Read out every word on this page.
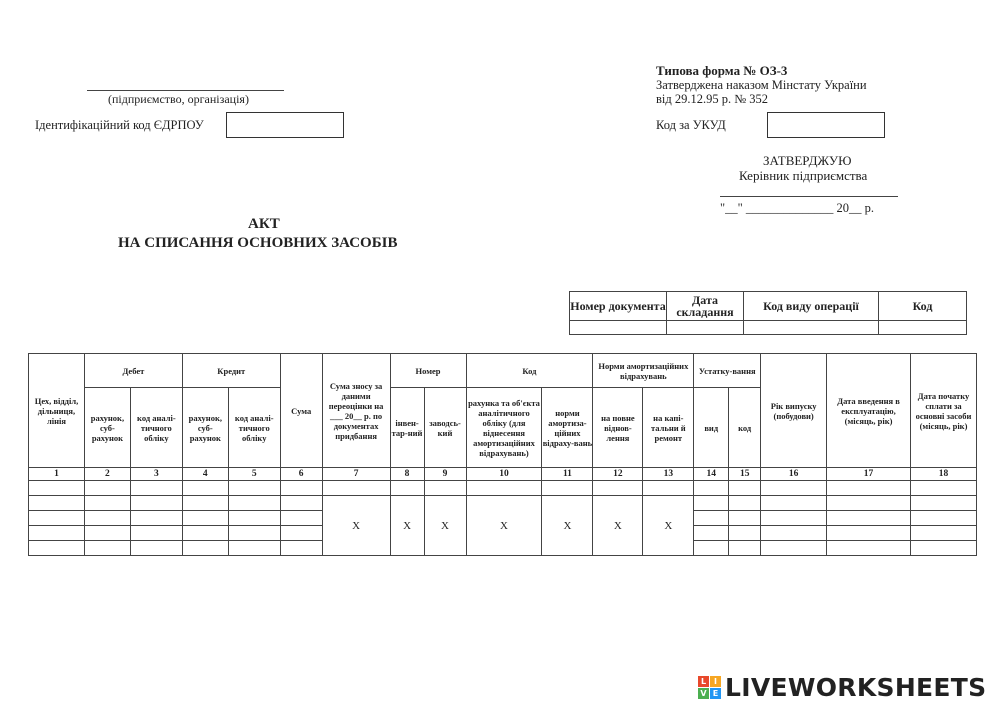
(підприємство, організація)
Ідентифікаційний код ЄДРПОУ
Типова форма № ОЗ-3
Затверджена наказом Мінстату України
від 29.12.95 р. № 352
Код за УКУД
ЗАТВЕРДЖУЮ
Керівник підприємства
"__" ______________ 20__ р.
АКТ
НА СПИСАННЯ ОСНОВНИХ ЗАСОБІВ
Номер документа	Дата складання	Код виду операції	Код

Цех, відділ, дільниця, лінія	Дебет		Кредит		Сума	Сума зносу за даними переоцінки на ___ 20__ р. по документах придбання	Номер		Код		Норми амортизаційних відрахувань		Устатку-вання		Рік випуску (побудови)	Дата введення в експлуатацію, (місяць, рік)	Дата початку сплати за основні засоби (місяць, рік)
	рахунок, суб-рахунок	код аналі-тичного обліку	рахунок, суб-рахунок	код аналі-тичного обліку			інвен-тар-ний	заводсь-кий	рахунка та об'єкта аналітичного обліку (для віднесення амортизаційних відрахувань)	норми амортиза-ційних відраху-вань	на повне віднов-лення	на капі-тальни й ремонт	вид	код			
1	2	3	4	5	6	7	8	9	10	11	12	13	14	15	16	17	18

						Х	Х	Х	Х	Х	Х	Х					

L I
V E LIVEWORKSHEETS
